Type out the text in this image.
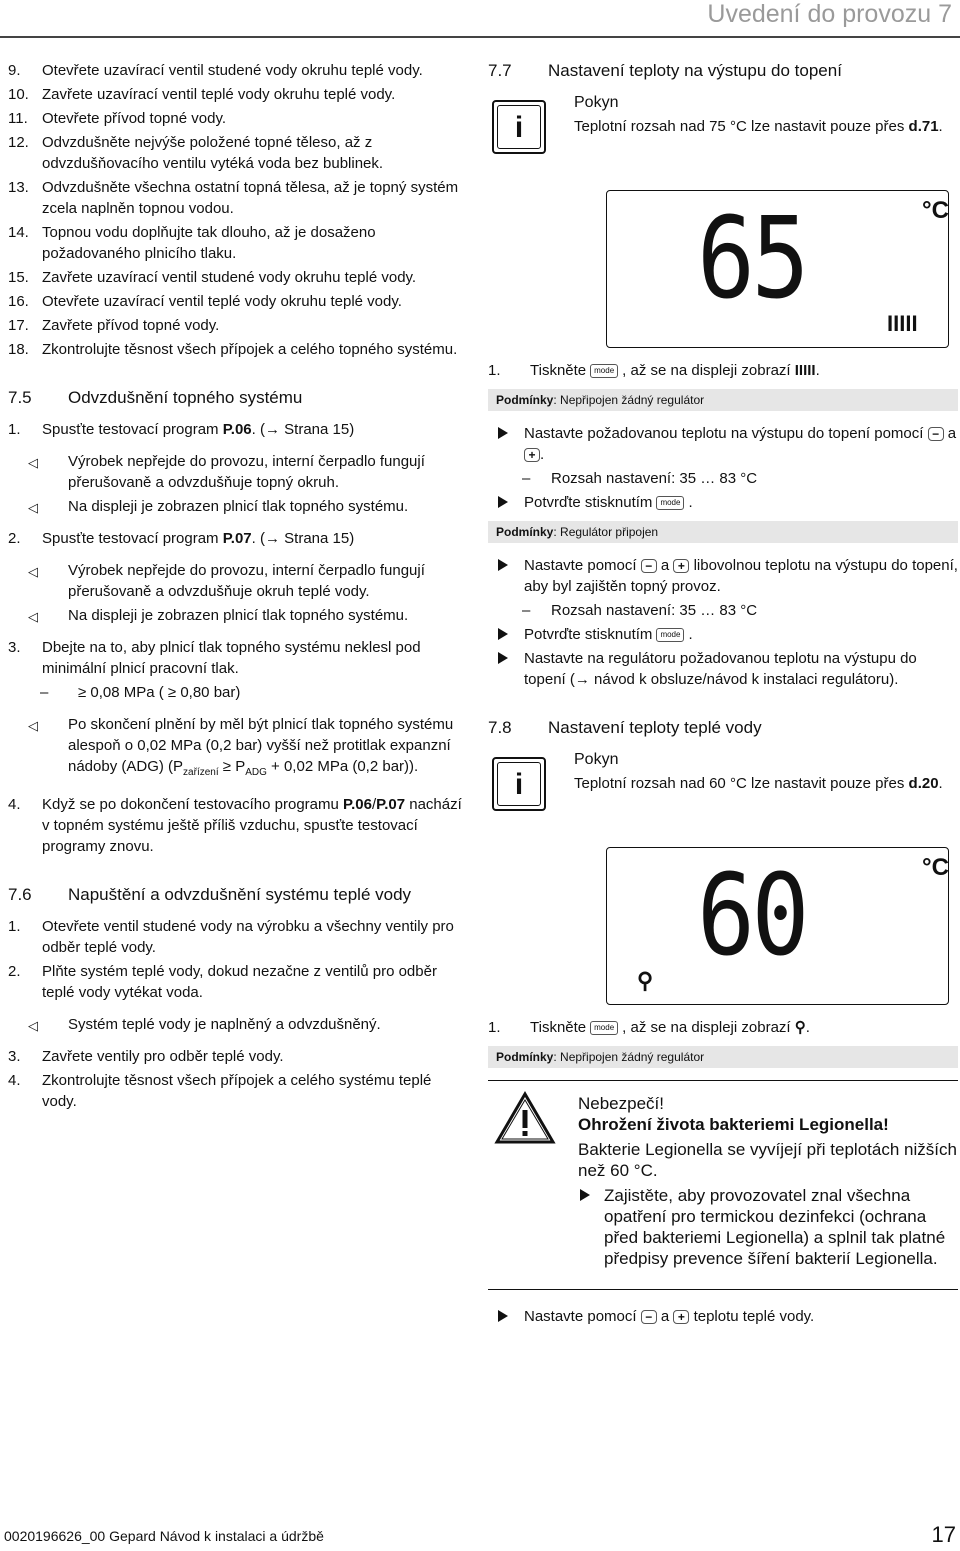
Uvedení do provozu 7
9.	Otevřete uzavírací ventil studené vody okruhu teplé vody.
10. Zavřete uzavírací ventil teplé vody okruhu teplé vody.
11. Otevřete přívod topné vody.
12. Odvzdušněte nejvýše položené topné těleso, až z odvzdušňovacího ventilu vytéká voda bez bublinek.
13. Odvzdušněte všechna ostatní topná tělesa, až je topný systém zcela naplněn topnou vodou.
14. Topnou vodu doplňujte tak dlouho, až je dosaženo požadovaného plnicího tlaku.
15. Zavřete uzavírací ventil studené vody okruhu teplé vody.
16. Otevřete uzavírací ventil teplé vody okruhu teplé vody.
17. Zavřete přívod topné vody.
18. Zkontrolujte těsnost všech přípojek a celého topného systému.
7.5 Odvzdušnění topného systému
1.	Spusťte testovací program P.06. (→ Strana 15)
◁ Výrobek nepřejde do provozu, interní čerpadlo fungují přerušovaně a odvzdušňuje topný okruh.
◁ Na displeji je zobrazen plnicí tlak topného systému.
2.	Spusťte testovací program P.07. (→ Strana 15)
◁ Výrobek nepřejde do provozu, interní čerpadlo fungují přerušovaně a odvzdušňuje okruh teplé vody.
◁ Na displeji je zobrazen plnicí tlak topného systému.
3.	Dbejte na to, aby plnicí tlak topného systému neklesl pod minimální plnicí pracovní tlak.
– ≥ 0,08 MPa ( ≥ 0,80 bar)
◁ Po skončení plnění by měl být plnicí tlak topného systému alespoň o 0,02 MPa (0,2 bar) vyšší než protitlak expanzní nádoby (ADG) ($P_{zařízení} \ge P_{ADG} + 0,02$ MPa (0,2 bar)).
4.	Když se po dokončení testovacího programu P.06/P.07 nachází v topném systému ještě příliš vzduchu, spusťte testovací programy znovu.
7.6 Napuštění a odvzdušnění systému teplé vody
1.	Otevřete ventil studené vody na výrobku a všechny ventily pro odběr teplé vody.
2.	Plňte systém teplé vody, dokud nezačne z ventilů pro odběr teplé vody vytékat voda.
◁ Systém teplé vody je naplněný a odvzdušněný.
3.	Zavřete ventily pro odběr teplé vody.
4.	Zkontrolujte těsnost všech přípojek a celého systému teplé vody.
7.7 Nastavení teploty na výstupu do topení
i
Pokyn
Teplotní rozsah nad 75 °C lze nastavit pouze přes d.71.
65	°C
IIIII
1.	Tiskněte mode , až se na displeji zobrazí IIIII.
Podmínky: Nepřipojen žádný regulátor
Nastavte požadovanou teplotu na výstupu do topení pomocí − a + .
– Rozsah nastavení: 35 … 83 °C
Potvrďte stisknutím mode .
Podmínky: Regulátor připojen
Nastavte pomocí − a + libovolnou teplotu na výstupu do topení, aby byl zajištěn topný provoz.
– Rozsah nastavení: 35 … 83 °C
Potvrďte stisknutím mode .
Nastavte na regulátoru požadovanou teplotu na výstupu do topení (→ návod k obsluze/návod k instalaci regulátoru).
7.8 Nastavení teploty teplé vody
i
Pokyn
Teplotní rozsah nad 60 °C lze nastavit pouze přes d.20.
60	°C
⚲
1.	Tiskněte mode , až se na displeji zobrazí ⚲.
Podmínky: Nepřipojen žádný regulátor
Nebezpečí!
Ohrožení života bakteriemi Legionella!
Bakterie Legionella se vyvíjejí při teplotách nižších než 60 °C.
Zajistěte, aby provozovatel znal všechna opatření pro termickou dezinfekci (ochrana před bakteriemi Legionella) a splnil tak platné předpisy prevence šíření bakterií Legionella.
Nastavte pomocí − a + teplotu teplé vody.
0020196626_00 Gepard Návod k instalaci a údržbě	17
